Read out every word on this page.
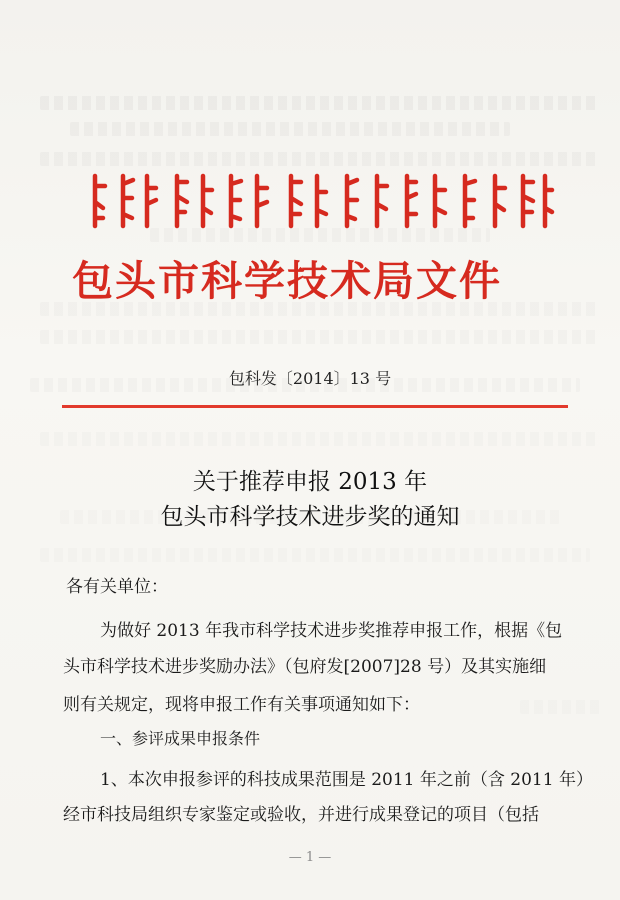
包头市科学技术局文件
包科发〔2014〕13 号
关于推荐申报 2013 年
包头市科学技术进步奖的通知
各有关单位：
为做好 2013 年我市科学技术进步奖推荐申报工作，根据《包
头市科学技术进步奖励办法》（包府发[2007]28 号）及其实施细
则有关规定，现将申报工作有关事项通知如下：
一、参评成果申报条件
1、本次申报参评的科技成果范围是 2011 年之前（含 2011 年）
经市科技局组织专家鉴定或验收，并进行成果登记的项目（包括
— 1 —
